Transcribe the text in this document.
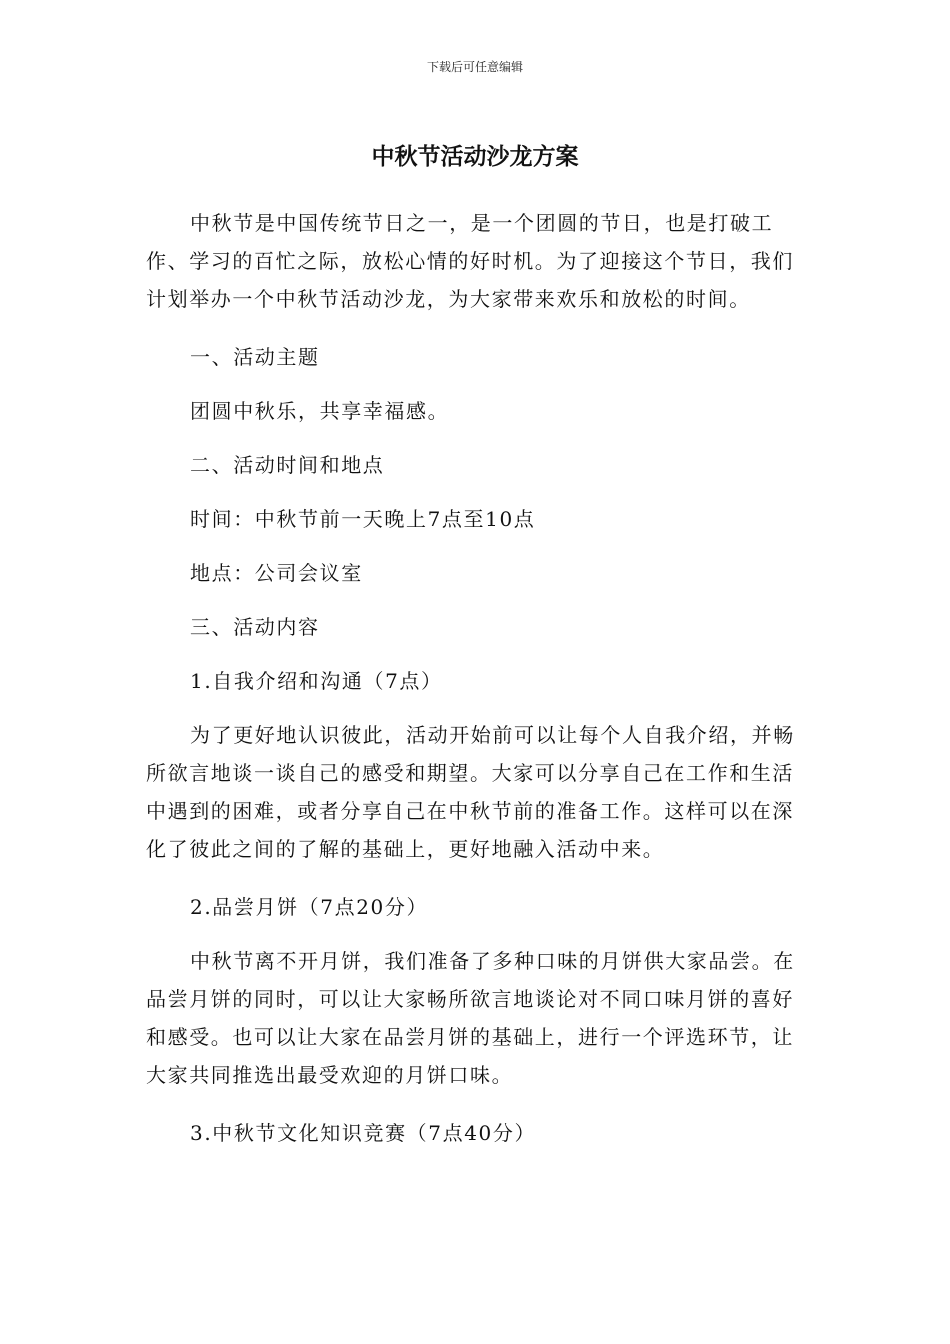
下载后可任意编辑
中秋节活动沙龙方案

中秋节是中国传统节日之一，是一个团圆的节日，也是打破工作、学习的百忙之际，放松心情的好时机。为了迎接这个节日，我们计划举办一个中秋节活动沙龙，为大家带来欢乐和放松的时间。

一、活动主题

团圆中秋乐，共享幸福感。

二、活动时间和地点

时间：中秋节前一天晚上7点至10点

地点：公司会议室

三、活动内容

1.自我介绍和沟通（7点）

为了更好地认识彼此，活动开始前可以让每个人自我介绍，并畅所欲言地谈一谈自己的感受和期望。大家可以分享自己在工作和生活中遇到的困难，或者分享自己在中秋节前的准备工作。这样可以在深化了彼此之间的了解的基础上，更好地融入活动中来。

2.品尝月饼（7点20分）

中秋节离不开月饼，我们准备了多种口味的月饼供大家品尝。在品尝月饼的同时，可以让大家畅所欲言地谈论对不同口味月饼的喜好和感受。也可以让大家在品尝月饼的基础上，进行一个评选环节，让大家共同推选出最受欢迎的月饼口味。

3.中秋节文化知识竞赛（7点40分）
